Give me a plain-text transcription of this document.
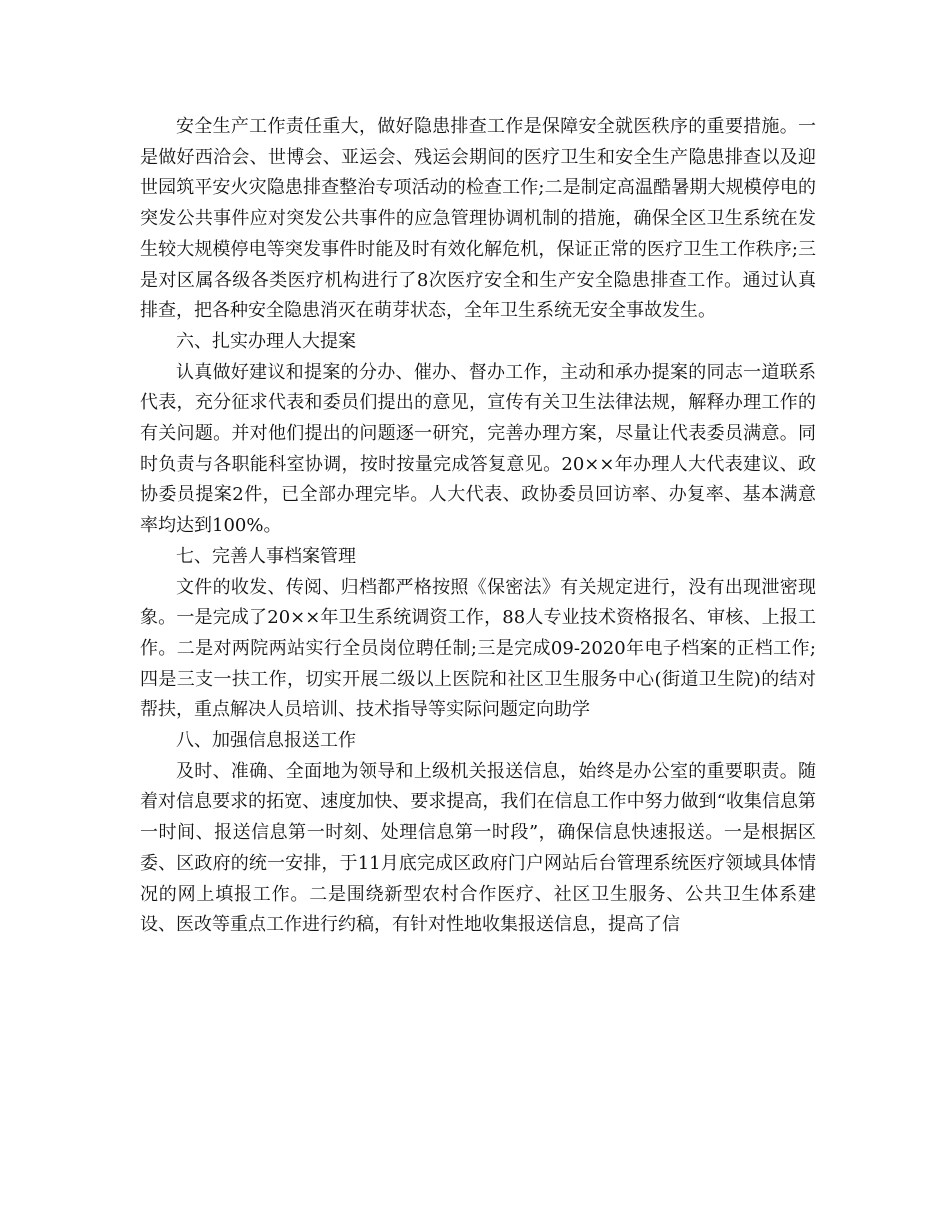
安全生产工作责任重大，做好隐患排查工作是保障安全就医秩序的重要措施。一是做好西洽会、世博会、亚运会、残运会期间的医疗卫生和安全生产隐患排查以及迎世园筑平安火灾隐患排查整治专项活动的检查工作;二是制定高温酷暑期大规模停电的突发公共事件应对突发公共事件的应急管理协调机制的措施，确保全区卫生系统在发生较大规模停电等突发事件时能及时有效化解危机，保证正常的医疗卫生工作秩序;三是对区属各级各类医疗机构进行了8次医疗安全和生产安全隐患排查工作。通过认真排查，把各种安全隐患消灭在萌芽状态，全年卫生系统无安全事故发生。

六、扎实办理人大提案

认真做好建议和提案的分办、催办、督办工作，主动和承办提案的同志一道联系代表，充分征求代表和委员们提出的意见，宣传有关卫生法律法规，解释办理工作的有关问题。并对他们提出的问题逐一研究，完善办理方案，尽量让代表委员满意。同时负责与各职能科室协调，按时按量完成答复意见。20××年办理人大代表建议、政协委员提案2件，已全部办理完毕。人大代表、政协委员回访率、办复率、基本满意率均达到100%。

七、完善人事档案管理

文件的收发、传阅、归档都严格按照《保密法》有关规定进行，没有出现泄密现象。一是完成了20××年卫生系统调资工作，88人专业技术资格报名、审核、上报工作。二是对两院两站实行全员岗位聘任制;三是完成09-2020年电子档案的正档工作;四是三支一扶工作，切实开展二级以上医院和社区卫生服务中心(街道卫生院)的结对帮扶，重点解决人员培训、技术指导等实际问题定向助学

八、加强信息报送工作

及时、准确、全面地为领导和上级机关报送信息，始终是办公室的重要职责。随着对信息要求的拓宽、速度加快、要求提高，我们在信息工作中努力做到“收集信息第一时间、报送信息第一时刻、处理信息第一时段”，确保信息快速报送。一是根据区委、区政府的统一安排，于11月底完成区政府门户网站后台管理系统医疗领域具体情况的网上填报工作。二是围绕新型农村合作医疗、社区卫生服务、公共卫生体系建设、医改等重点工作进行约稿，有针对性地收集报送信息，提高了信
